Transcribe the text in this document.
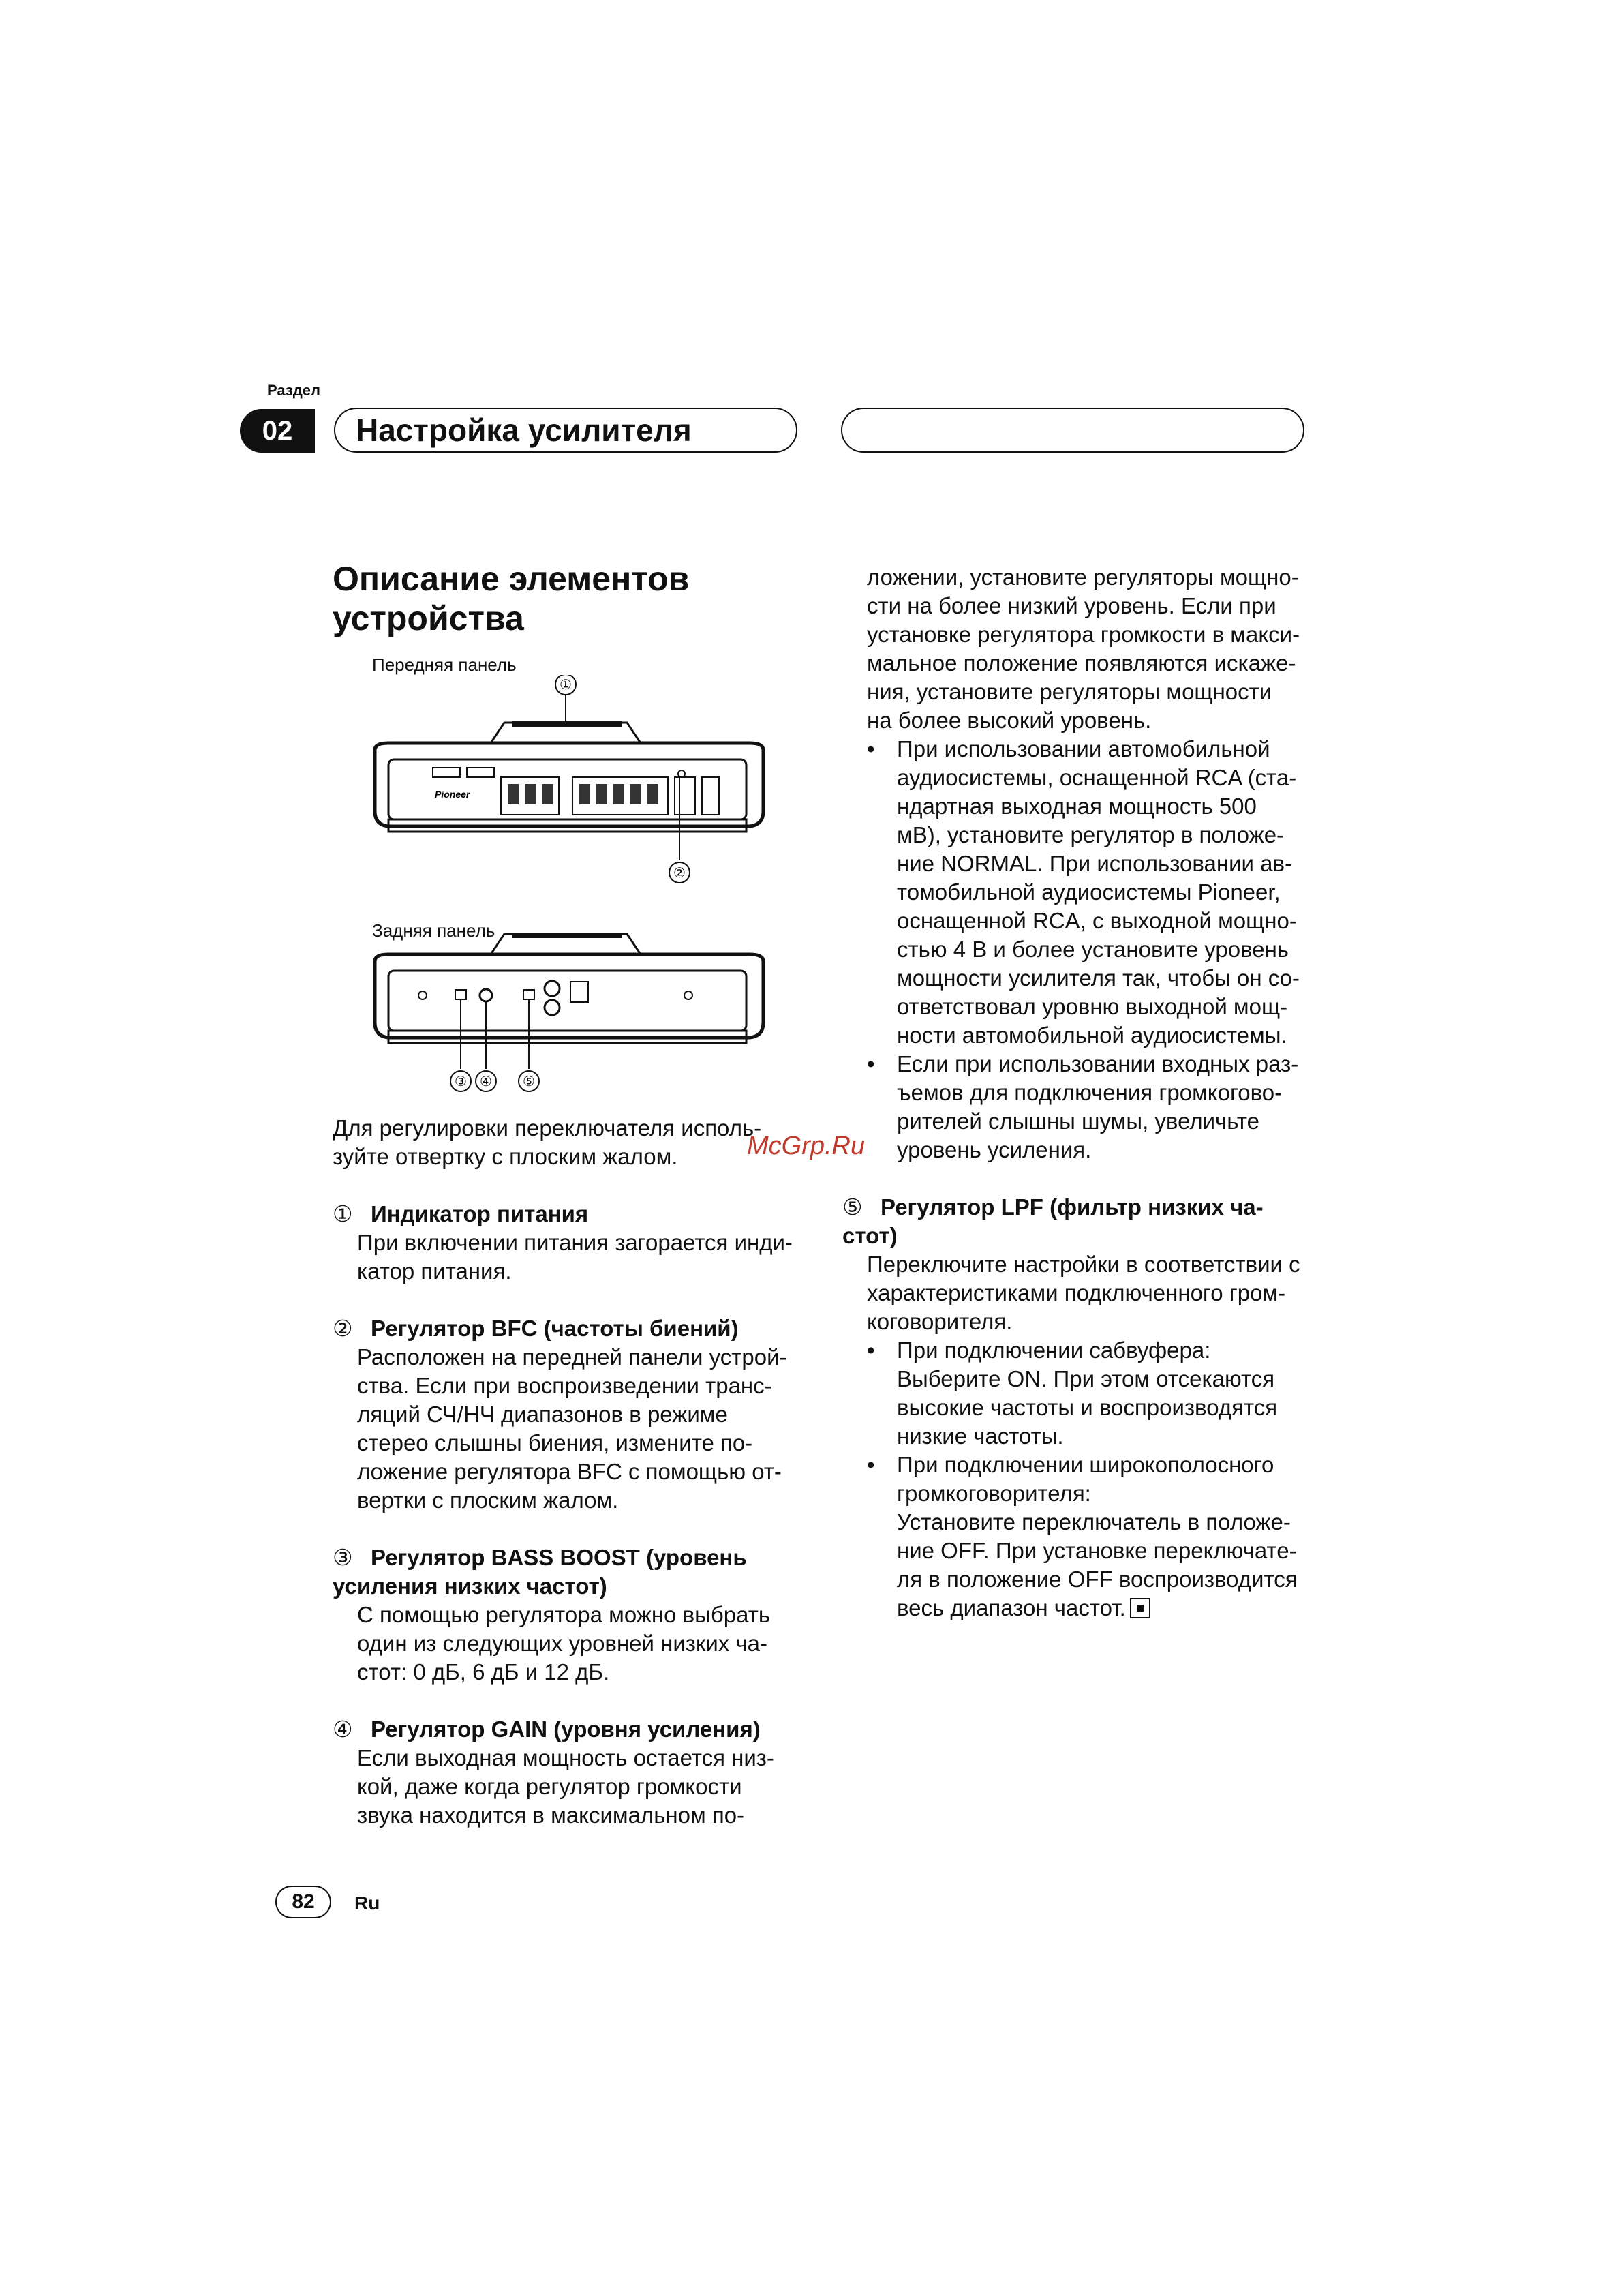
Раздел
02	Настройка усилителя
Описание элементов
устройства
Передняя панель
Задняя панель
Pioneer
①
②
③ ④ ⑤

Для регулировки переключателя исполь-

зуйте отвертку с плоским жалом.

① Индикатор питания

При включении питания загорается инди-

катор питания.

② Регулятор BFC (частоты биений)

Расположен на передней панели устрой-

ства. Если при воспроизведении транс-

ляций СЧ/НЧ диапазонов в режиме

стерео слышны биения, измените по-

ложение регулятора BFC с помощью от-

вертки с плоским жалом.

③ Регулятор BASS BOOST (уровень

усиления низких частот)

С помощью регулятора можно выбрать

один из следующих уровней низких ча-

стот: 0 дБ, 6 дБ и 12 дБ.

④ Регулятор GAIN (уровня усиления)

Если выходная мощность остается низ-

кой, даже когда регулятор громкости

звука находится в максимальном по-

ложении, установите регуляторы мощно-

сти на более низкий уровень. Если при

установке регулятора громкости в макси-

мальное положение появляются искаже-

ния, установите регуляторы мощности

на более высокий уровень.

• При использовании автомобильной

аудиосистемы, оснащенной RCA (ста-

ндартная выходная мощность 500

мВ), установите регулятор в положе-

ние NORMAL. При использовании ав-

томобильной аудиосистемы Pioneer,

оснащенной RCA, с выходной мощно-

стью 4 В и более установите уровень

мощности усилителя так, чтобы он со-

ответствовал уровню выходной мощ-

ности автомобильной аудиосистемы.

• Если при использовании входных раз-

ъемов для подключения громкогово-

рителей слышны шумы, увеличьте

уровень усиления.

⑤ Регулятор LPF (фильтр низких ча-

стот)

Переключите настройки в соответствии с

характеристиками подключенного гром-

коговорителя.

• При подключении сабвуфера:

Выберите ON. При этом отсекаются

высокие частоты и воспроизводятся

низкие частоты.

• При подключении широкополосного

громкоговорителя:

Установите переключатель в положе-

ние OFF. При установке переключате-

ля в положение OFF воспроизводится

весь диапазон частот.

McGrp.Ru
82	Ru
